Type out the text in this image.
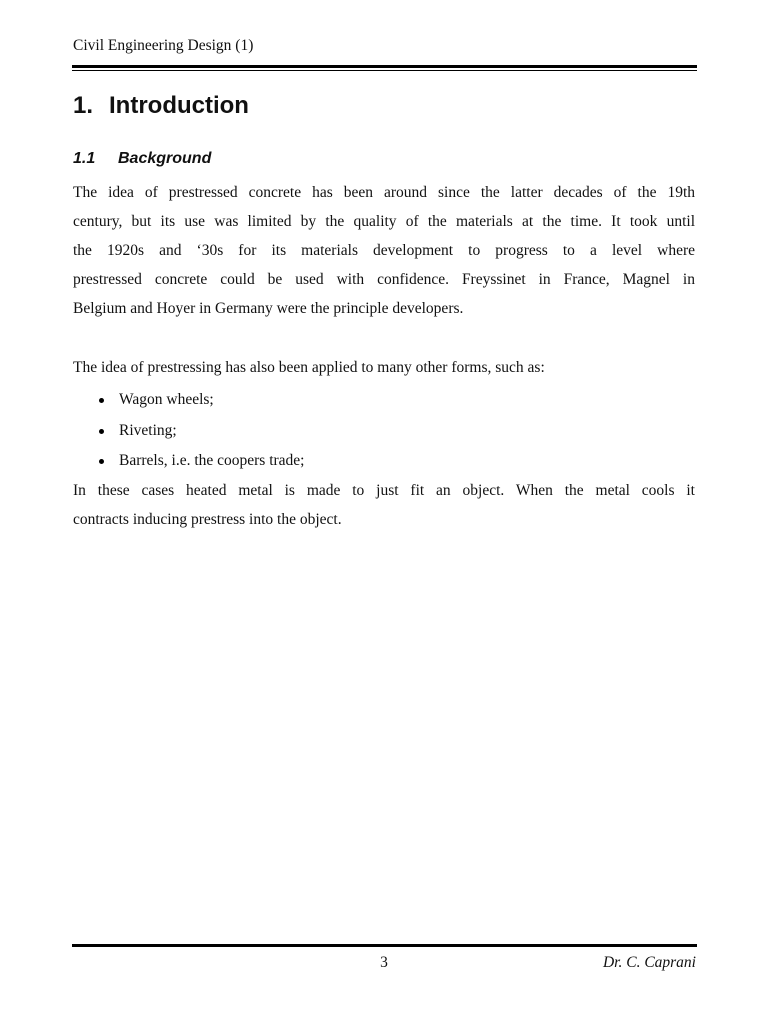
Civil Engineering Design (1)
1. Introduction
1.1 Background

The idea of prestressed concrete has been around since the latter decades of the 19th
century, but its use was limited by the quality of the materials at the time. It took until
the 1920s and ‘30s for its materials development to progress to a level where
prestressed concrete could be used with confidence. Freyssinet in France, Magnel in
Belgium and Hoyer in Germany were the principle developers.

The idea of prestressing has also been applied to many other forms, such as:

Wagon wheels;
Riveting;
Barrels, i.e. the coopers trade;

In these cases heated metal is made to just fit an object. When the metal cools it
contracts inducing prestress into the object.

3	Dr. C. Caprani
